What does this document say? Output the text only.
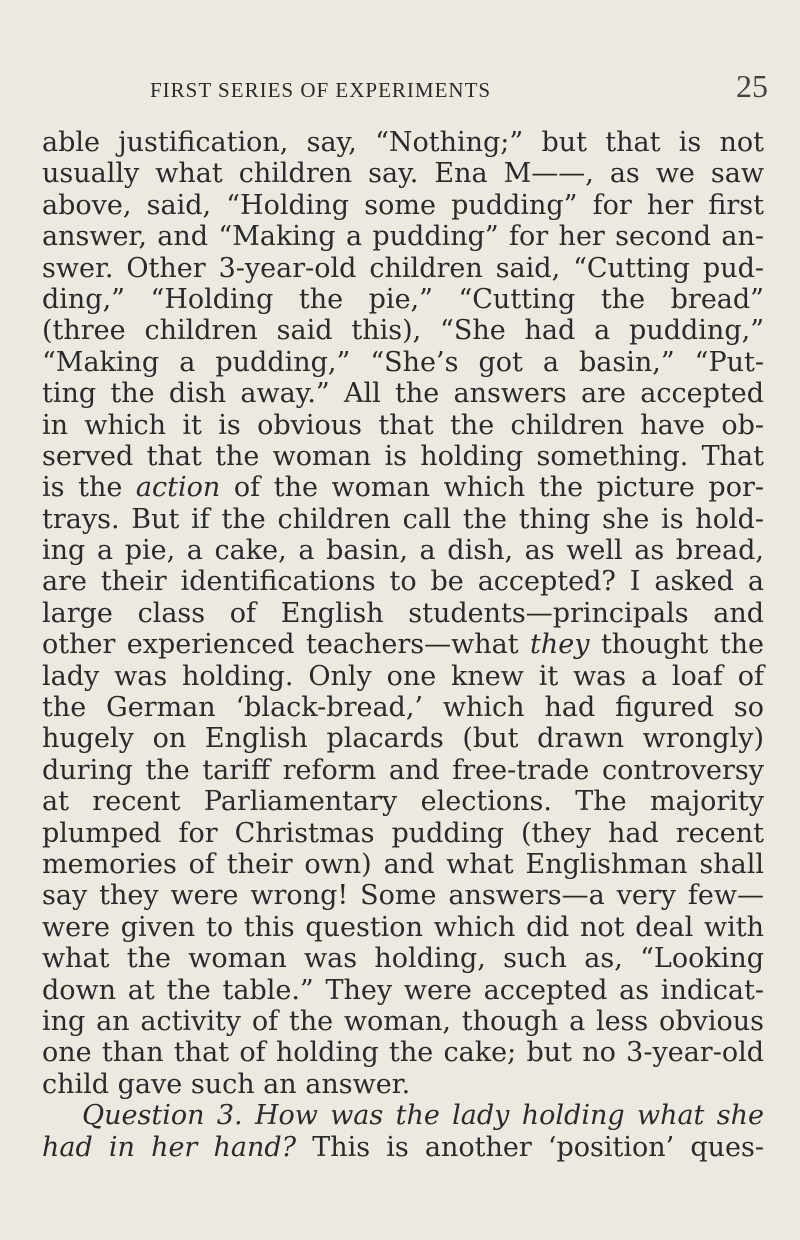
FIRST SERIES OF EXPERIMENTS	25
able justification, say, “Nothing;” but that is not
usually what children say. Ena M——, as we saw
above, said, “Holding some pudding” for her first
answer, and “Making a pudding” for her second an-
swer. Other 3-year-old children said, “Cutting pud-
ding,” “Holding the pie,” “Cutting the bread”
(three children said this), “She had a pudding,”
“Making a pudding,” “She’s got a basin,” “Put-
ting the dish away.” All the answers are accepted
in which it is obvious that the children have ob-
served that the woman is holding something. That
is the action of the woman which the picture por-
trays. But if the children call the thing she is hold-
ing a pie, a cake, a basin, a dish, as well as bread,
are their identifications to be accepted? I asked a
large class of English students—principals and
other experienced teachers—what they thought the
lady was holding. Only one knew it was a loaf of
the German ‘black-bread,’ which had figured so
hugely on English placards (but drawn wrongly)
during the tariff reform and free-trade controversy
at recent Parliamentary elections. The majority
plumped for Christmas pudding (they had recent
memories of their own) and what Englishman shall
say they were wrong! Some answers—a very few—
were given to this question which did not deal with
what the woman was holding, such as, “Looking
down at the table.” They were accepted as indicat-
ing an activity of the woman, though a less obvious
one than that of holding the cake; but no 3-year-old
child gave such an answer.
Question 3. How was the lady holding what she
had in her hand? This is another ‘position’ ques-
